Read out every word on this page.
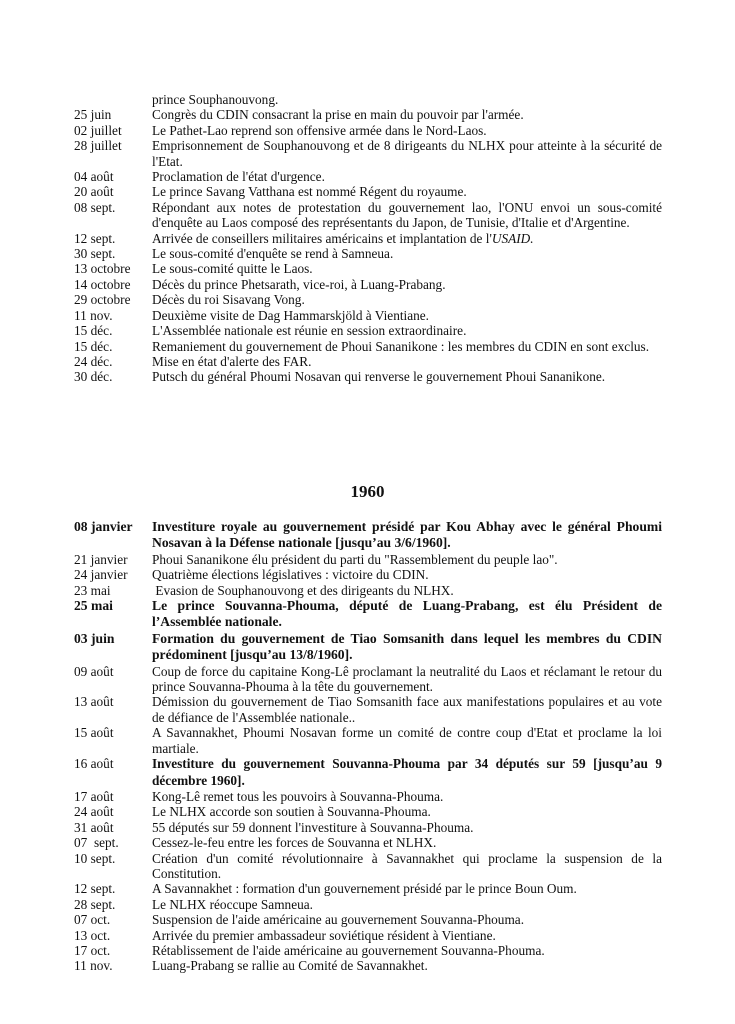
prince Souphanouvong.
25 juin	Congrès du CDIN consacrant la prise en main du pouvoir par l'armée.
02 juillet	Le Pathet-Lao reprend son offensive armée dans le Nord-Laos.
28 juillet	Emprisonnement de Souphanouvong et de 8 dirigeants du NLHX pour atteinte à la sécurité de l'Etat.
04 août	Proclamation de l'état d'urgence.
20 août	Le prince Savang Vatthana est nommé Régent du royaume.
08 sept.	Répondant aux notes de protestation du gouvernement lao, l'ONU envoi un sous-comité d'enquête au Laos composé des représentants du Japon, de Tunisie, d'Italie et d'Argentine.
12 sept.	Arrivée de conseillers militaires américains et implantation de l'USAID.
30 sept.	Le sous-comité d'enquête se rend à Samneua.
13 octobre	Le sous-comité quitte le Laos.
14 octobre	Décès du prince Phetsarath, vice-roi, à Luang-Prabang.
29 octobre	Décès du roi Sisavang Vong.
11 nov.	Deuxième visite de Dag Hammarskjöld à Vientiane.
15 déc.	L'Assemblée nationale est réunie en session extraordinaire.
15 déc.	Remaniement du gouvernement de Phoui Sananikone : les membres du CDIN en sont exclus.
24 déc.	Mise en état d'alerte des FAR.
30 déc.	Putsch du général Phoumi Nosavan qui renverse le gouvernement Phoui Sananikone.
1960
08 janvier	Investiture royale au gouvernement présidé par Kou Abhay avec le général Phoumi Nosavan à la Défense nationale [jusqu’au 3/6/1960].
21 janvier	Phoui Sananikone élu président du parti du "Rassemblement du peuple lao".
24 janvier	Quatrième élections législatives : victoire du CDIN.
23 mai	Evasion de Souphanouvong et des dirigeants du NLHX.
25 mai	Le prince Souvanna-Phouma, député de Luang-Prabang, est élu Président de l’Assemblée nationale.
03 juin	Formation du gouvernement de Tiao Somsanith dans lequel les membres du CDIN prédominent [jusqu’au 13/8/1960].
09 août	Coup de force du capitaine Kong-Lê proclamant la neutralité du Laos et réclamant le retour du prince Souvanna-Phouma à la tête du gouvernement.
13 août	Démission du gouvernement de Tiao Somsanith face aux manifestations populaires et au vote de défiance de l'Assemblée nationale..
15 août	A Savannakhet, Phoumi Nosavan forme un comité de contre coup d'Etat et proclame la loi martiale.
16 août	Investiture du gouvernement Souvanna-Phouma par 34 députés sur 59 [jusqu’au 9 décembre 1960].
17 août	Kong-Lê remet tous les pouvoirs à Souvanna-Phouma.
24 août	Le NLHX accorde son soutien à Souvanna-Phouma.
31 août	55 députés sur 59 donnent l'investiture à Souvanna-Phouma.
07  sept.	Cessez-le-feu entre les forces de Souvanna et NLHX.
10 sept.	Création d'un comité révolutionnaire à Savannakhet qui proclame la suspension de la Constitution.
12 sept.	A Savannakhet : formation d'un gouvernement présidé par le prince Boun Oum.
28 sept.	Le NLHX réoccupe Samneua.
07 oct.	Suspension de l'aide américaine au gouvernement Souvanna-Phouma.
13 oct.	Arrivée du premier ambassadeur soviétique résident à Vientiane.
17 oct.	Rétablissement de l'aide américaine au gouvernement Souvanna-Phouma.
11 nov.	Luang-Prabang se rallie au Comité de Savannakhet.
